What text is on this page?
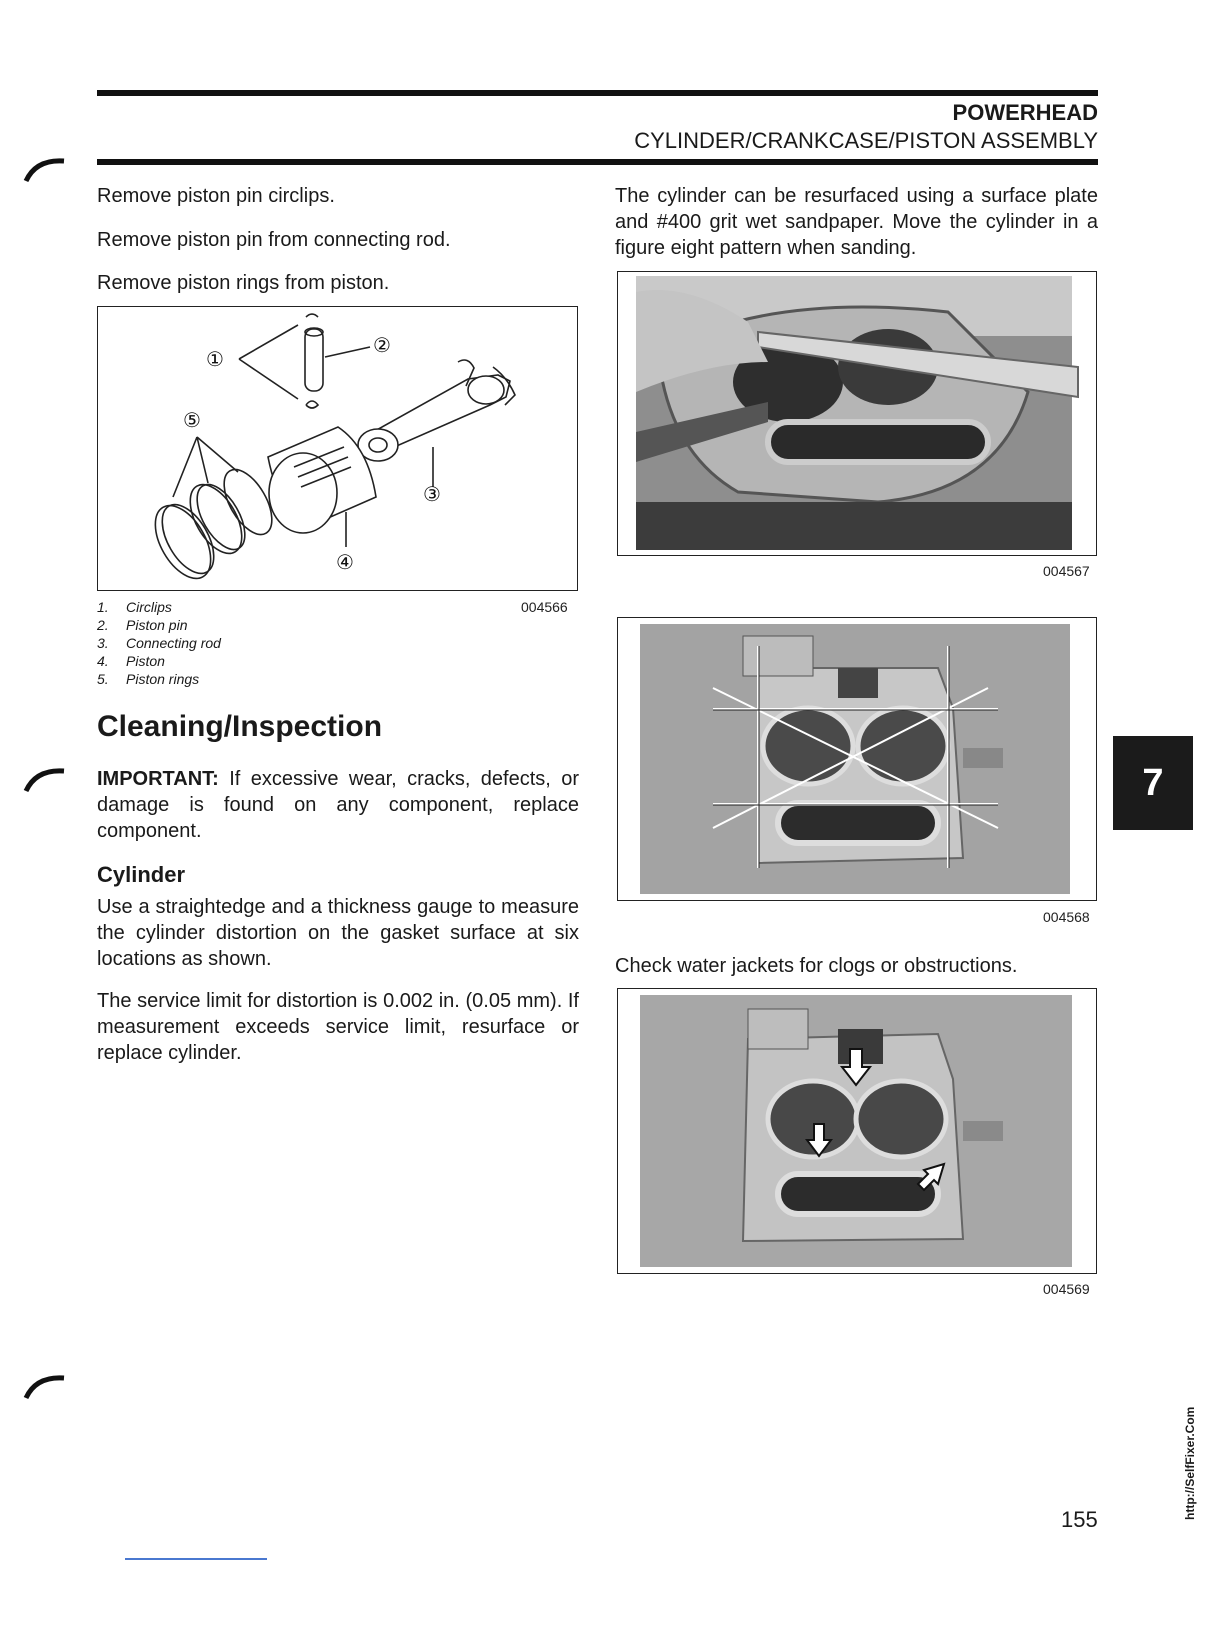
POWERHEAD
CYLINDER/CRANKCASE/PISTON ASSEMBLY
Remove piston pin circlips.
Remove piston pin from connecting rod.
Remove piston rings from piston.
①
②
③
④
⑤
004566
1.	Circlips
2.	Piston pin
3.	Connecting rod
4.	Piston
5.	Piston rings
Cleaning/Inspection
IMPORTANT: If excessive wear, cracks, defects, or damage is found on any component, replace component.
Cylinder
Use a straightedge and a thickness gauge to measure the cylinder distortion on the gasket surface at six locations as shown.
The service limit for distortion is 0.002 in. (0.05 mm). If measurement exceeds service limit, resurface or replace cylinder.
The cylinder can be resurfaced using a surface plate and #400 grit wet sandpaper. Move the cylinder in a figure eight pattern when sanding.
004567
004568
Check water jackets for clogs or obstructions.
004569
7
155	http://SelfFixer.Com
